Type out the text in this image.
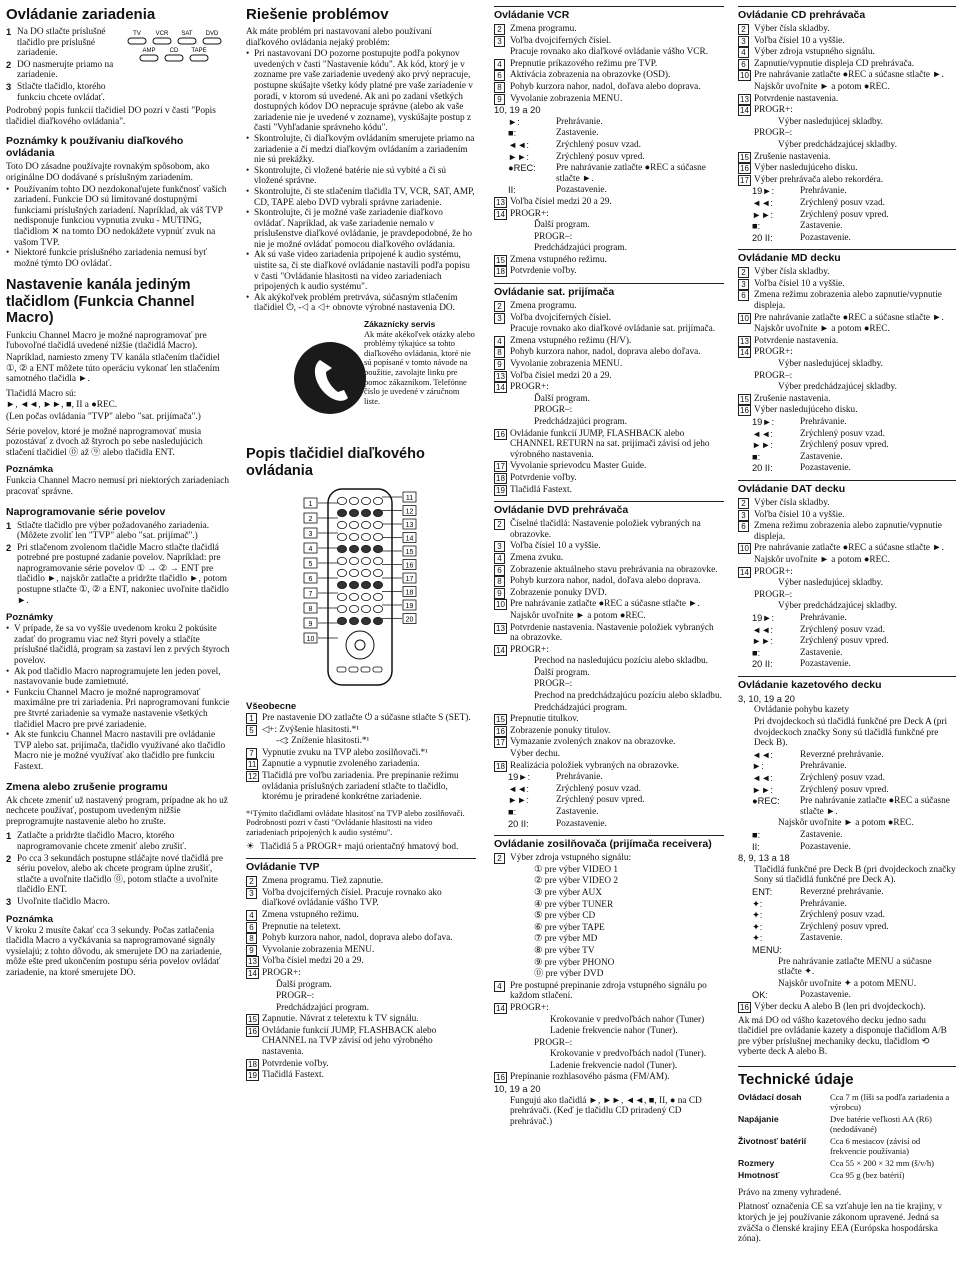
Ovládanie zariadenia
TV VCR SAT DVD
AMP CD TAPE
1 Na DO stlačte príslušné tlačidlo pre príslušné zariadenie.
2 DO nasmerujte priamo na zariadenie.
3 Stlačte tlačidlo, ktorého funkciu chcete ovládať.

Podrobný popis funkcií tlačidiel DO pozri v časti "Popis tlačidiel diaľkového ovládania".

Poznámky k používaniu diaľkového ovládania

Toto DO zásadne používajte rovnakým spôsobom, ako originálne DO dodávané s príslušným zariadením.

• Používaním tohto DO nezdokonaľujete funkčnosť vašich zariadení. Funkcie DO sú limitované dostupnými funkciami príslušných zariadení. Napríklad, ak váš TVP nedisponuje funkciou vypnutia zvuku - MUTING, tlačidlom ✕ na tomto DO nedokážete vypnúť zvuk na vašom TVP.
• Niektoré funkcie príslušného zariadenia nemusí byť možné týmto DO ovládať.
Nastavenie kanála jediným tlačidlom (Funkcia Channel Macro)

Funkciu Channel Macro je možné naprogramovať pre ľubovoľné tlačidlá uvedené nižšie (tlačidlá Macro).

Napríklad, namiesto zmeny TV kanála stlačením tlačidiel ①, ② a ENT môžete túto operáciu vykonať len stlačením samotného tlačidla ►.

Tlačidlá Macro sú:

►, ◄◄, ►►, ■, II a ●REC.

(Len počas ovládania "TVP" alebo "sat. prijímača".)

Série povelov, ktoré je možné naprogramovať musia pozostávať z dvoch až štyroch po sebe nasledujúcich stlačení tlačidiel ⓪ až ⑨ alebo tlačidla ENT.

Poznámka

Funkcia Channel Macro nemusí pri niektorých zariadeniach pracovať správne.

Naprogramovanie série povelov
1 Stlačte tlačidlo pre výber požadovaného zariadenia. (Môžete zvoliť len "TVP" alebo "sat. prijímač".)
2 Pri stlačenom zvolenom tlačidle Macro stlačte tlačidlá potrebné pre postupné zadanie povelov. Napríklad: pre naprogramovanie série povelov ① → ② → ENT pre tlačidlo ►, najskôr zatlačte a pridržte tlačidlo ►, potom postupne stlačte ①, ② a ENT, nakoniec uvoľnite tlačidlo ►.
Poznámky
• V prípade, že sa vo vyššie uvedenom kroku 2 pokúsite zadať do programu viac než štyri povely a stlačíte príslušné tlačidlá, program sa zastaví len z prvých štyroch povelov.
• Ak pod tlačidlo Macro naprogramujete len jeden povel, nastavovanie bude zamietnuté.
• Funkciu Channel Macro je možné naprogramovať maximálne pre tri zariadenia. Pri naprogramovaní funkcie pre štvrté zariadenie sa vymaže nastavenie všetkých tlačidiel Macro pre prvé zariadenie.
• Ak ste funkciu Channel Macro nastavili pre ovládanie TVP alebo sat. prijímača, tlačidlo využívané ako tlačidlo Macro nie je možné využívať ako tlačidlo pre funkciu Fastext.
Zmena alebo zrušenie programu

Ak chcete zmeniť už nastavený program, prípadne ak ho už nechcete používať, postupom uvedeným nižšie preprogramujte nastavenie alebo ho zrušte.

1 Zatlačte a pridržte tlačidlo Macro, ktorého naprogramovanie chcete zmeniť alebo zrušiť.
2 Po cca 3 sekundách postupne stláčajte nové tlačidlá pre sériu povelov, alebo ak chcete program úplne zrušiť, stlačte a uvoľnite tlačidlo ⓪, potom stlačte a uvoľnite tlačidlo ENT.
3 Uvoľnite tlačidlo Macro.
Poznámka

V kroku 2 musíte čakať cca 3 sekundy. Počas zatlačenia tlačidla Macro a vyčkávania sa naprogramované signály vysielajú; z tohto dôvodu, ak smerujete DO na zariadenie, môže ešte pred ukončením postupu séria povelov ovládať zariadenie, na ktoré smerujete DO.

Riešenie problémov

Ak máte problém pri nastavovaní alebo používaní diaľkového ovládania nejaký problém:

• Pri nastavovaní DO pozorne postupujte podľa pokynov uvedených v časti "Nastavenie kódu". Ak kód, ktorý je v zozname pre vaše zariadenie uvedený ako prvý nepracuje, postupne skúšajte všetky kódy platné pre vaše zariadenie v poradí, v ktorom sú uvedené. Ak ani po zadaní všetkých dostupných kódov DO nepracuje správne (alebo ak vaše zariadenie nie je uvedené v zozname), vyskúšajte postup z časti "Vyhľadanie správneho kódu".
• Skontrolujte, či diaľkovým ovládaním smerujete priamo na zariadenie a či medzi diaľkovým ovládaním a zariadením nie sú prekážky.
• Skontrolujte, či vložené batérie nie sú vybité a či sú vložené správne.
• Skontrolujte, či ste stlačením tlačidla TV, VCR, SAT, AMP, CD, TAPE alebo DVD vybrali správne zariadenie.
• Skontrolujte, či je možné vaše zariadenie diaľkovo ovládať. Napríklad, ak vaše zariadenie nemalo v príslušenstve diaľkové ovládanie, je pravdepodobné, že ho nie je možné ovládať pomocou diaľkového ovládania.
• Ak sú vaše video zariadenia pripojené k audio systému, uistite sa, či ste diaľkové ovládanie nastavili podľa popisu v časti "Ovládanie hlasitosti na video zariadeniach pripojených k audio systému".
• Ak akýkoľvek problém pretrváva, súčasným stlačením tlačidiel ⏻, -◁ a ◁+ obnovte výrobné nastavenia DO.
Zákaznícky servis
Ak máte akékoľvek otázky alebo problémy týkajúce sa tohto diaľkového ovládania, ktoré nie sú popísané v tomto návode na použitie, zavolajte linku pre pomoc zákazníkom. Telefónne číslo je uvedené v záručnom liste.
Popis tlačidiel diaľkového ovládania
1
2
3
4
5
6
7
8
9
10
11
12
13
14
15
16
17
18
19
20
Všeobecne
1 Pre nastavenie DO zatlačte ⏻ a súčasne stlačte S (SET).
5 ◁+: Zvýšenie hlasitosti.*¹
-◁: Zníženie hlasitosti.*¹
7 Vypnutie zvuku na TVP alebo zosilňovači.*¹
11 Zapnutie a vypnutie zvoleného zariadenia.
12 Tlačidlá pre voľbu zariadenia. Pre prepínanie režimu ovládania príslušných zariadení stlačte to tlačidlo, ktorému je priradené konkrétne zariadenie.

*¹Týmito tlačidlami ovládate hlasitosť na TVP alebo zosilňovači. Podrobnosti pozri v časti "Ovládanie hlasitosti na video zariadeniach pripojených k audio systému".

☀ Tlačidlá 5 a PROGR+ majú orientačný hmatový bod.
Ovládanie TVP
2 Zmena programu. Tiež zapnutie.
3 Voľba dvojciferných čísiel. Pracuje rovnako ako diaľkové ovládanie vášho TVP.
4 Zmena vstupného režimu.
6 Prepnutie na teletext.
8 Pohyb kurzora nahor, nadol, doprava alebo doľava.
9 Vyvolanie zobrazenia MENU.
13 Voľba čísiel medzi 20 a 29.
14 PROGR+:
Ďalší program.
PROGR–:
Predchádzajúci program.
15 Zapnutie. Návrat z teletextu k TV signálu.
16 Ovládanie funkcií JUMP, FLASHBACK alebo CHANNEL na TVP závisí od jeho výrobného nastavenia.
18 Potvrdenie voľby.
19 Tlačidlá Fastext.
Ovládanie VCR
2 Zmena programu.
3 Voľba dvojciferných čísiel.
Pracuje rovnako ako diaľkové ovládanie vášho VCR.
4 Prepnutie príkazového režimu pre TVP.
6 Aktivácia zobrazenia na obrazovke (OSD).
8 Pohyb kurzora nahor, nadol, doľava alebo doprava.
9 Vyvolanie zobrazenia MENU.
10, 19 a 20
►:	Prehrávanie.
■:	Zastavenie.
◄◄:	Zrýchlený posuv vzad.
►►:	Zrýchlený posuv vpred.
●REC:	Pre nahrávanie zatlačte ●REC a súčasne stlačte ►.
II:	Pozastavenie.
13 Voľba čísiel medzi 20 a 29.
14 PROGR+:
Ďalší program.
PROGR–:
Predchádzajúci program.
15 Zmena vstupného režimu.
18 Potvrdenie voľby.
Ovládanie sat. prijímača
2 Zmena programu.
3 Voľba dvojciferných čísiel.
Pracuje rovnako ako diaľkové ovládanie sat. prijímača.
4 Zmena vstupného režimu (H/V).
8 Pohyb kurzora nahor, nadol, doprava alebo doľava.
9 Vyvolanie zobrazenia MENU.
13 Voľba čísiel medzi 20 a 29.
14 PROGR+:
Ďalší program.
PROGR–:
Predchádzajúci program.
16 Ovládanie funkcií JUMP, FLASHBACK alebo CHANNEL RETURN na sat. prijímači závisí od jeho výrobného nastavenia.
17 Vyvolanie sprievodcu Master Guide.
18 Potvrdenie voľby.
19 Tlačidlá Fastext.
Ovládanie DVD prehrávača
2 Číselné tlačidlá: Nastavenie položiek vybraných na obrazovke.
3 Voľba čísiel 10 a vyššie.
4 Zmena zvuku.
6 Zobrazenie aktuálneho stavu prehrávania na obrazovke.
8 Pohyb kurzora nahor, nadol, doľava alebo doprava.
9 Zobrazenie ponuky DVD.
10 Pre nahrávanie zatlačte ●REC a súčasne stlačte ►.
Najskôr uvoľnite ► a potom ●REC.
13 Potvrdenie nastavenia. Nastavenie položiek vybraných na obrazovke.
14 PROGR+:
Prechod na nasledujúcu pozíciu alebo skladbu.
Ďalší program.
PROGR–:
Prechod na predchádzajúcu pozíciu alebo skladbu.
Predchádzajúci program.
15 Prepnutie titulkov.
16 Zobrazenie ponuky titulov.
17 Vymazanie zvolených znakov na obrazovke.
Výber dechu.
18 Realizácia položiek vybraných na obrazovke.
19►:	Prehrávanie.
◄◄:	Zrýchlený posuv vzad.
►►:	Zrýchlený posuv vpred.
■:	Zastavenie.
20 II:	Pozastavenie.
Ovládanie zosilňovača (prijímača receivera)
2 Výber zdroja vstupného signálu:
① pre výber VIDEO 1
② pre výber VIDEO 2
③ pre výber AUX
④ pre výber TUNER
⑤ pre výber CD
⑥ pre výber TAPE
⑦ pre výber MD
⑧ pre výber TV
⑨ pre výber PHONO
⓪ pre výber DVD
4 Pre postupné prepínanie zdroja vstupného signálu po každom stlačení.
14 PROGR+:
Krokovanie v predvoľbách nahor (Tuner)
Ladenie frekvencie nahor (Tuner).
PROGR–:
Krokovanie v predvoľbách nadol (Tuner).
Ladenie frekvencie nadol (Tuner).
16 Prepínanie rozhlasového pásma (FM/AM).
10, 19 a 20
Fungujú ako tlačidlá ►, ►►, ◄◄, ■, II, ● na CD prehrávači. (Keď je tlačidlu CD priradený CD prehrávač.)
Ovládanie CD prehrávača
2 Výber čísla skladby.
3 Voľba čísiel 10 a vyššie.
4 Výber zdroja vstupného signálu.
6 Zapnutie/vypnutie displeja CD prehrávača.
10 Pre nahrávanie zatlačte ●REC a súčasne stlačte ►.
Najskôr uvoľnite ► a potom ●REC.
13 Potvrdenie nastavenia.
14 PROGR+:
Výber nasledujúcej skladby.
PROGR–:
Výber predchádzajúcej skladby.
15 Zrušenie nastavenia.
16 Výber nasledujúceho disku.
17 Výber prehrávača alebo rekordéra.
19►:	Prehrávanie.
◄◄:	Zrýchlený posuv vzad.
►►:	Zrýchlený posuv vpred.
■:	Zastavenie.
20 II:	Pozastavenie.
Ovládanie MD decku
2 Výber čísla skladby.
3 Voľba čísiel 10 a vyššie.
6 Zmena režimu zobrazenia alebo zapnutie/vypnutie displeja.
10 Pre nahrávanie zatlačte ●REC a súčasne stlačte ►.
Najskôr uvoľnite ► a potom ●REC.
13 Potvrdenie nastavenia.
14 PROGR+:
Výber nasledujúcej skladby.
PROGR–:
Výber predchádzajúcej skladby.
15 Zrušenie nastavenia.
16 Výber nasledujúceho disku.
19►:	Prehrávanie.
◄◄:	Zrýchlený posuv vzad.
►►:	Zrýchlený posuv vpred.
■:	Zastavenie.
20 II:	Pozastavenie.
Ovládanie DAT decku
2 Výber čísla skladby.
3 Voľba čísiel 10 a vyššie.
6 Zmena režimu zobrazenia alebo zapnutie/vypnutie displeja.
10 Pre nahrávanie zatlačte ●REC a súčasne stlačte ►.
Najskôr uvoľnite ► a potom ●REC.
14 PROGR+:
Výber nasledujúcej skladby.
PROGR–:
Výber predchádzajúcej skladby.
19►:	Prehrávanie.
◄◄:	Zrýchlený posuv vzad.
►►:	Zrýchlený posuv vpred.
■:	Zastavenie.
20 II:	Pozastavenie.
Ovládanie kazetového decku
3, 10, 19 a 20
Ovládanie pohybu kazety
Pri dvojdeckoch sú tlačidlá funkčné pre Deck A (pri dvojdeckoch značky Sony sú tlačidlá funkčné pre Deck B).
◄◄:	Reverzné prehrávanie.
►:	Prehrávanie.
◄◄:	Zrýchlený posuv vzad.
►►:	Zrýchlený posuv vpred.
●REC:	Pre nahrávanie zatlačte ●REC a súčasne stlačte ►.
Najskôr uvoľnite ► a potom ●REC.
■:	Zastavenie.
II:	Pozastavenie.
8, 9, 13 a 18
Tlačidlá funkčné pre Deck B (pri dvojdeckoch značky Sony sú tlačidlá funkčné pre Deck A).
ENT:	Reverzné prehrávanie.
✦:	Prehrávanie.
✦:	Zrýchlený posuv vzad.
✦:	Zrýchlený posuv vpred.
✦:	Zastavenie.
MENU:
Pre nahrávanie zatlačte MENU a súčasne stlačte ✦.
Najskôr uvoľnite ✦ a potom MENU.
OK:	Pozastavenie.
16 Výber decku A alebo B (len pri dvojdeckoch).

Ak má DO od vášho kazetového decku jedno sadu tlačidiel pre ovládanie kazety a disponuje tlačidlom A/B pre výber príslušnej mechaniky decku, tlačidlom ⟲ vyberte deck A alebo B.

Technické údaje
Ovládací dosah	Cca 7 m (líši sa podľa zariadenia a výrobcu)
Napájanie	Dve batérie veľkosti AA (R6) (nedodávané)
Životnosť batérií	Cca 6 mesiacov (závisí od frekvencie používania)
Rozmery	Cca 55 × 200 × 32 mm (š/v/h)
Hmotnosť	Cca 95 g (bez batérií)

Právo na zmeny vyhradené.

Platnosť označenia CE sa vzťahuje len na tie krajiny, v ktorých je jej používanie zákonom upravené. Jedná sa zväčša o členské krajiny EEA (Európska hospodárska zóna).
